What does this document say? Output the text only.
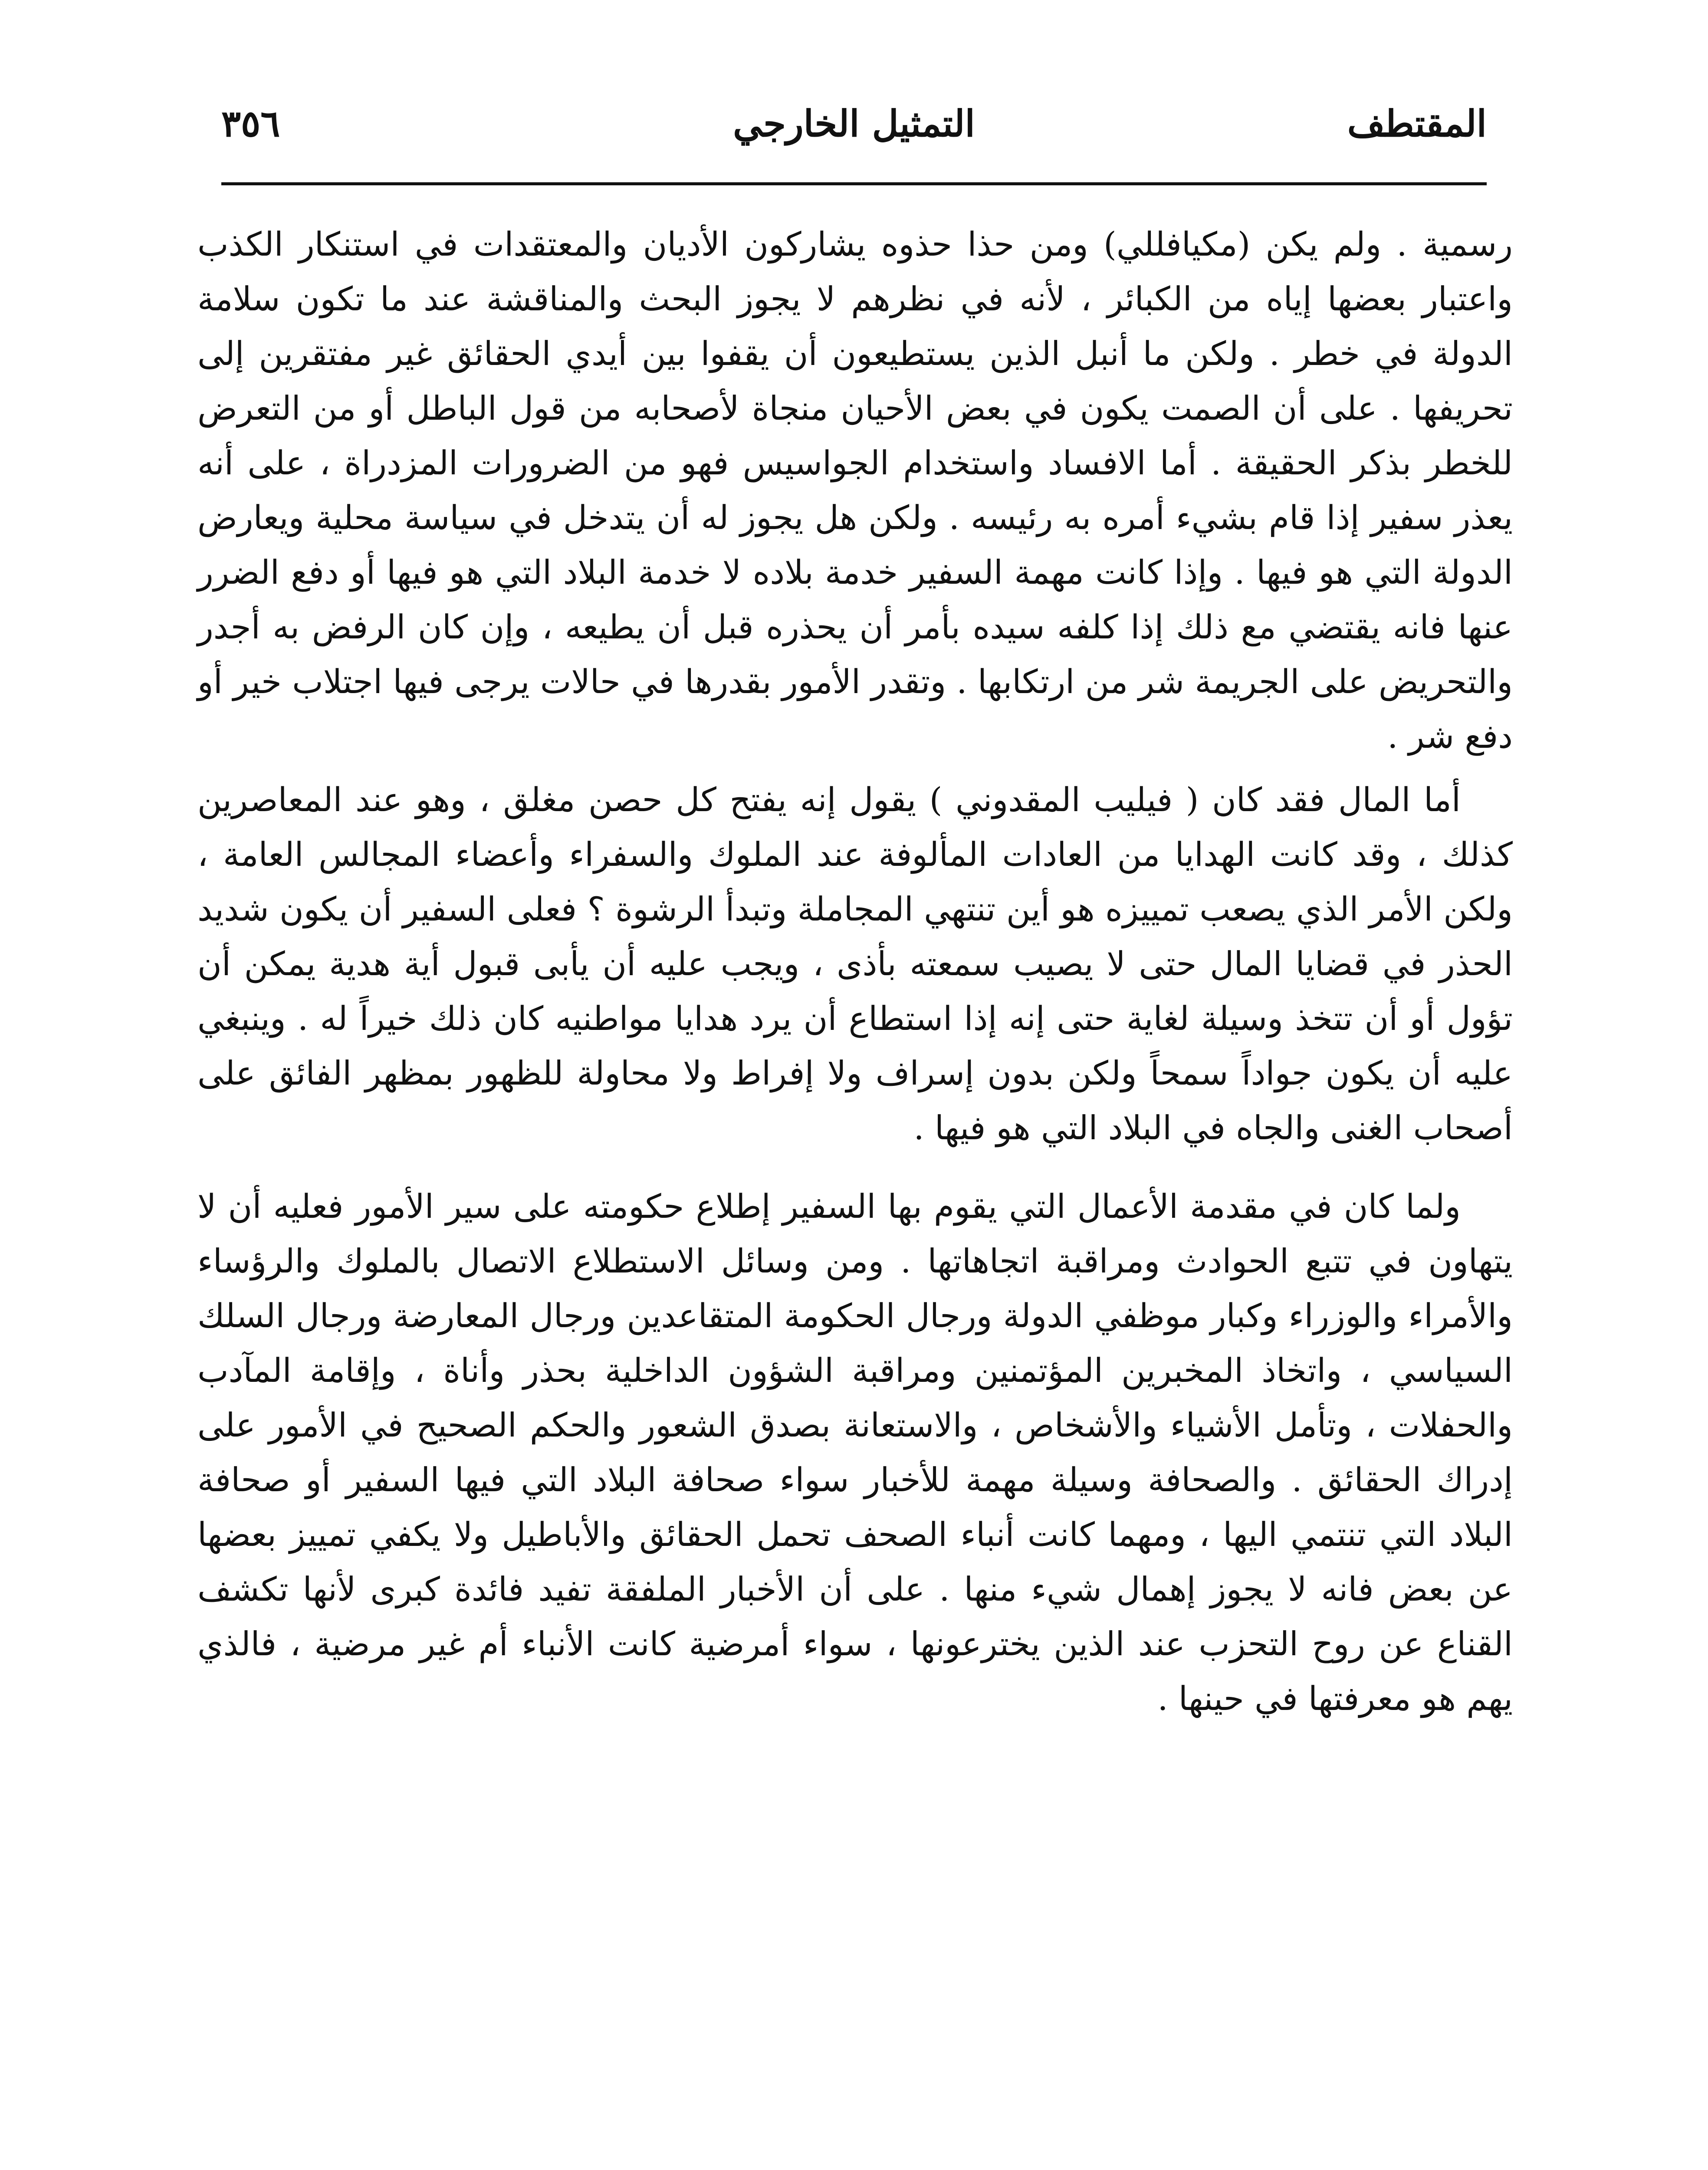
المقتطف
التمثيل الخارجي
٣٥٦

رسمية . ولم يكن (مكيافللي) ومن حذا حذوه يشاركون الأديان والمعتقدات في استنكار الكذب واعتبار بعضها إياه من الكبائر ، لأنه في نظرهم لا يجوز البحث والمناقشة عند ما تكون سلامة الدولة في خطر . ولكن ما أنبل الذين يستطيعون أن يقفوا بين أيدي الحقائق غير مفتقرين إلى تحريفها . على أن الصمت يكون في بعض الأحيان منجاة لأصحابه من قول الباطل أو من التعرض للخطر بذكر الحقيقة . أما الافساد واستخدام الجواسيس فهو من الضرورات المزدراة ، على أنه يعذر سفير إذا قام بشيء أمره به رئيسه . ولكن هل يجوز له أن يتدخل في سياسة محلية ويعارض الدولة التي هو فيها . وإذا كانت مهمة السفير خدمة بلاده لا خدمة البلاد التي هو فيها أو دفع الضرر عنها فانه يقتضي مع ذلك إذا كلفه سيده بأمر أن يحذره قبل أن يطيعه ، وإن كان الرفض به أجدر والتحريض على الجريمة شر من ارتكابها . وتقدر الأمور بقدرها في حالات يرجى فيها اجتلاب خير أو دفع شر .

أما المال فقد كان ( فيليب المقدوني ) يقول إنه يفتح كل حصن مغلق ، وهو عند المعاصرين كذلك ، وقد كانت الهدايا من العادات المألوفة عند الملوك والسفراء وأعضاء المجالس العامة ، ولكن الأمر الذي يصعب تمييزه هو أين تنتهي المجاملة وتبدأ الرشوة ؟ فعلى السفير أن يكون شديد الحذر في قضايا المال حتى لا يصيب سمعته بأذى ، ويجب عليه أن يأبى قبول أية هدية يمكن أن تؤول أو أن تتخذ وسيلة لغاية حتى إنه إذا استطاع أن يرد هدايا مواطنيه كان ذلك خيراً له . وينبغي عليه أن يكون جواداً سمحاً ولكن بدون إسراف ولا إفراط ولا محاولة للظهور بمظهر الفائق على أصحاب الغنى والجاه في البلاد التي هو فيها .

ولما كان في مقدمة الأعمال التي يقوم بها السفير إطلاع حكومته على سير الأمور فعليه أن لا يتهاون في تتبع الحوادث ومراقبة اتجاهاتها . ومن وسائل الاستطلاع الاتصال بالملوك والرؤساء والأمراء والوزراء وكبار موظفي الدولة ورجال الحكومة المتقاعدين ورجال المعارضة ورجال السلك السياسي ، واتخاذ المخبرين المؤتمنين ومراقبة الشؤون الداخلية بحذر وأناة ، وإقامة المآدب والحفلات ، وتأمل الأشياء والأشخاص ، والاستعانة بصدق الشعور والحكم الصحيح في الأمور على إدراك الحقائق . والصحافة وسيلة مهمة للأخبار سواء صحافة البلاد التي فيها السفير أو صحافة البلاد التي تنتمي اليها ، ومهما كانت أنباء الصحف تحمل الحقائق والأباطيل ولا يكفي تمييز بعضها عن بعض فانه لا يجوز إهمال شيء منها . على أن الأخبار الملفقة تفيد فائدة كبرى لأنها تكشف القناع عن روح التحزب عند الذين يخترعونها ، سواء أمرضية كانت الأنباء أم غير مرضية ، فالذي يهم هو معرفتها في حينها .
